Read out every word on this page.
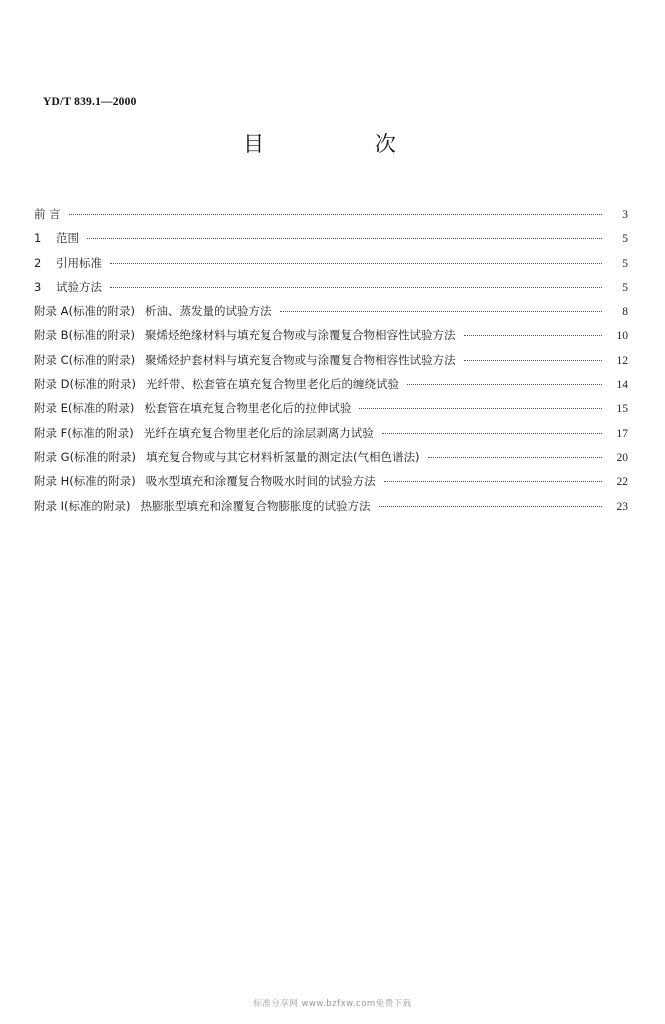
YD/T 839.1—2000
目 次
前 言	3
1	范围	5
2	引用标准	5
3	试验方法	5
附录 A(标准的附录) 析油、蒸发量的试验方法	8
附录 B(标准的附录) 聚烯烃绝缘材料与填充复合物或与涂覆复合物相容性试验方法	10
附录 C(标准的附录) 聚烯烃护套材料与填充复合物或与涂覆复合物相容性试验方法	12
附录 D(标准的附录) 光纤带、松套管在填充复合物里老化后的缠绕试验	14
附录 E(标准的附录) 松套管在填充复合物里老化后的拉伸试验	15
附录 F(标准的附录) 光纤在填充复合物里老化后的涂层剥离力试验	17
附录 G(标准的附录) 填充复合物或与其它材料析氢量的测定法(气相色谱法)	20
附录 H(标准的附录) 吸水型填充和涂覆复合物吸水时间的试验方法	22
附录 I(标准的附录) 热膨胀型填充和涂覆复合物膨胀度的试验方法	23
标准分享网 www.bzfxw.com免费下载
